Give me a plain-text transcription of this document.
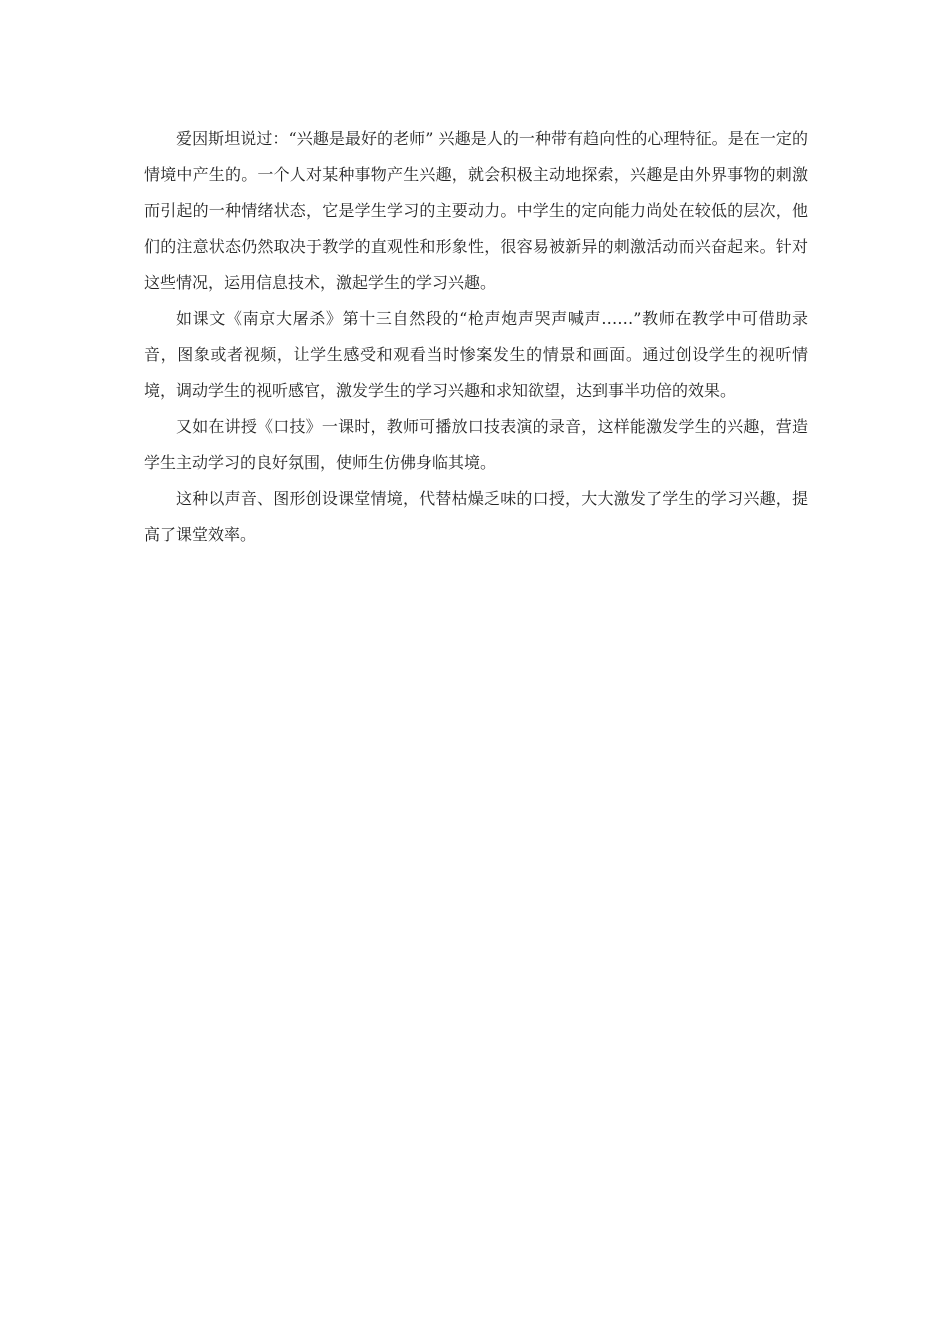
爱因斯坦说过：“兴趣是最好的老师” 兴趣是人的一种带有趋向性的心理特征。是在一定的情境中产生的。一个人对某种事物产生兴趣，就会积极主动地探索，兴趣是由外界事物的刺激而引起的一种情绪状态，它是学生学习的主要动力。中学生的定向能力尚处在较低的层次，他们的注意状态仍然取决于教学的直观性和形象性，很容易被新异的刺激活动而兴奋起来。针对这些情况，运用信息技术，激起学生的学习兴趣。

如课文《南京大屠杀》第十三自然段的“枪声炮声哭声喊声……”教师在教学中可借助录音，图象或者视频，让学生感受和观看当时惨案发生的情景和画面。通过创设学生的视听情境，调动学生的视听感官，激发学生的学习兴趣和求知欲望，达到事半功倍的效果。

又如在讲授《口技》一课时，教师可播放口技表演的录音，这样能激发学生的兴趣，营造学生主动学习的良好氛围，使师生仿佛身临其境。

这种以声音、图形创设课堂情境，代替枯燥乏味的口授，大大激发了学生的学习兴趣，提高了课堂效率。
